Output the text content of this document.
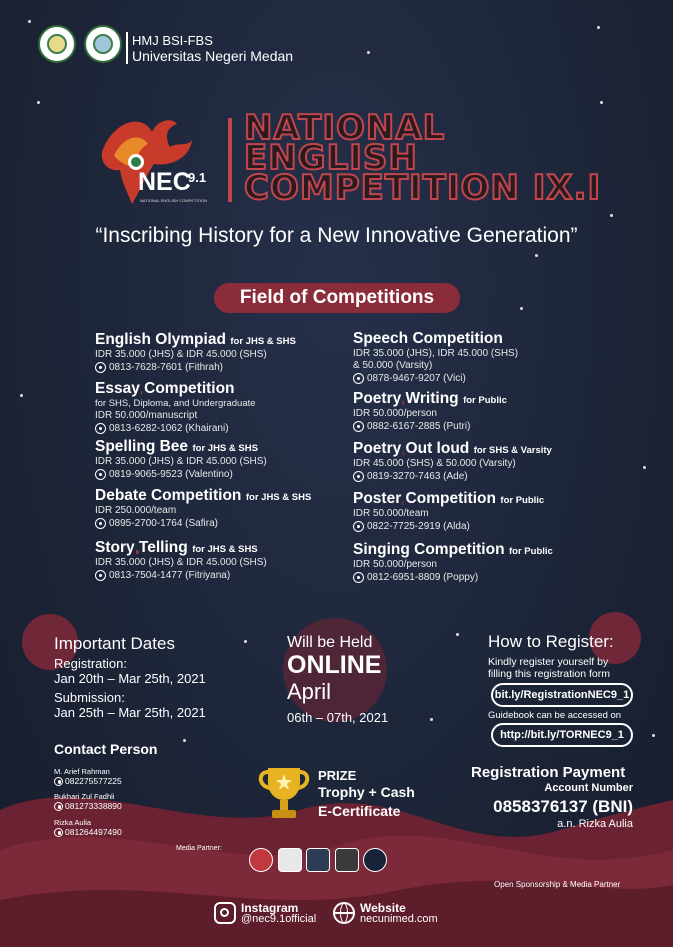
HMJ BSI-FBS
Universitas Negeri Medan
NEC
9.1
NATIONAL ENGLISH COMPETITION
NATIONAL
ENGLISH
COMPETITION IX.I
“Inscribing History for a New Innovative Generation”
Field of Competitions
English Olympiad for JHS & SHS
IDR 35.000 (JHS) & IDR 45.000 (SHS)
0813-7628-7601 (Fithrah)
Essay Competition
for SHS, Diploma, and Undergraduate
IDR 50.000/manuscript
0813-6282-1062 (Khairani)
Spelling Bee for JHS & SHS
IDR 35.000 (JHS) & IDR 45.000 (SHS)
0819-9065-9523 (Valentino)
Debate Competition for JHS & SHS
IDR 250.000/team
0895-2700-1764 (Safira)
Story Telling for JHS & SHS
IDR 35.000 (JHS) & IDR 45.000 (SHS)
0813-7504-1477 (Fitriyana)
Speech Competition
IDR 35.000 (JHS), IDR 45.000 (SHS)
& 50.000 (Varsity)
0878-9467-9207 (Vici)
Poetry Writing for Public
IDR 50.000/person
0882-6167-2885 (Putri)
Poetry Out loud for SHS & Varsity
IDR 45.000 (SHS) & 50.000 (Varsity)
0819-3270-7463 (Ade)
Poster Competition for Public
IDR 50.000/team
0822-7725-2919 (Alda)
Singing Competition for Public
IDR 50.000/person
0812-6951-8809 (Poppy)
Important Dates
Registration:
Jan 20th – Mar 25th, 2021
Submission:
Jan 25th – Mar 25th, 2021
Will be Held
ONLINE
April
06th – 07th, 2021
How to Register:
Kindly register yourself by
filling this registration form
bit.ly/RegistrationNEC9_1
Guidebook can be accessed on
http://bit.ly/TORNEC9_1
Contact Person
M. Arief Rahman
082275577225
Bukhari Zul Fadhli
081273338890
Rizka Aulia
081264497490
PRIZE
Trophy + Cash
E-Certificate
Registration Payment
Account Number
0858376137 (BNI)
a.n. Rizka Aulia
Media Partner:
Open Sponsorship & Media Partner
Instagram
@nec9.1official
Website
necunimed.com
